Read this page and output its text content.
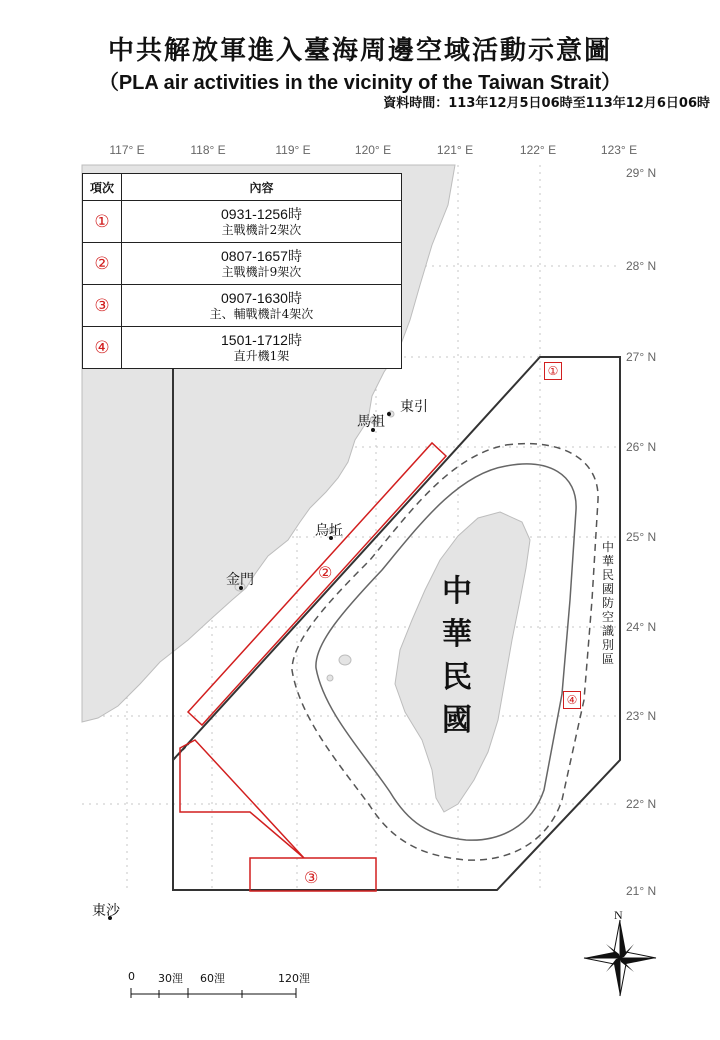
中共解放軍進入臺海周邊空域活動示意圖
（PLA air activities in the vicinity of the Taiwan Strait）
資料時間：113年12月5日06時至113年12月6日06時
117° E	118° E	119° E	120° E	121° E	122° E	123° E
29° N
28° N
27° N
26° N
25° N
24° N
23° N
22° N
21° N
項次	內容
①	0931-1256時
主戰機計2架次

②	0807-1657時
主戰機計9架次

③	0907-1630時
主、輔戰機計4架次

④	1501-1712時
直升機1架
東引
馬祖
烏坵
金門
東沙
中華民國
中華民國防空識別區
①
②
③
④
0 30浬 60浬	120浬
N
